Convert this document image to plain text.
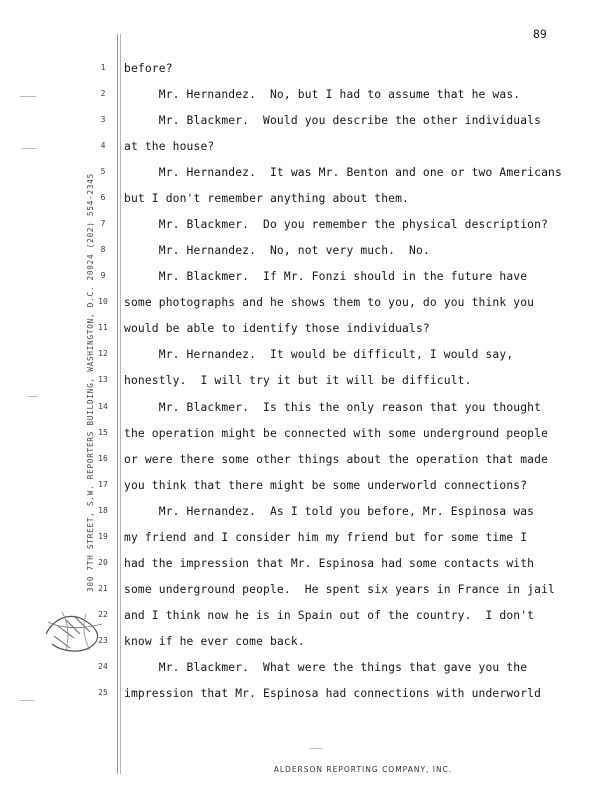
89
1	before?
2	Mr. Hernandez.  No, but I had to assume that he was.
3	Mr. Blackmer.  Would you describe the other individuals
4	at the house?
5	Mr. Hernandez.  It was Mr. Benton and one or two Americans
6	but I don't remember anything about them.
7	Mr. Blackmer.  Do you remember the physical description?
8	Mr. Hernandez.  No, not very much.  No.
9	Mr. Blackmer.  If Mr. Fonzi should in the future have
10 some photographs and he shows them to you, do you think you
11 would be able to identify those individuals?
12 Mr. Hernandez.  It would be difficult, I would say,
13 honestly.  I will try it but it will be difficult.
14 Mr. Blackmer.  Is this the only reason that you thought
15 the operation might be connected with some underground people
16 or were there some other things about the operation that made
17 you think that there might be some underworld connections?
18 Mr. Hernandez.  As I told you before, Mr. Espinosa was
19 my friend and I consider him my friend but for some time I
20 had the impression that Mr. Espinosa had some contacts with
21 some underground people.  He spent six years in France in jail
22 and I think now he is in Spain out of the country.  I don't
23 know if he ever come back.
24 Mr. Blackmer.  What were the things that gave you the
25 impression that Mr. Espinosa had connections with underworld
300 7TH STREET, S.W. REPORTERS BUILDING, WASHINGTON, D.C. 20024 (202) 554-2345
ALDERSON REPORTING COMPANY, INC.
